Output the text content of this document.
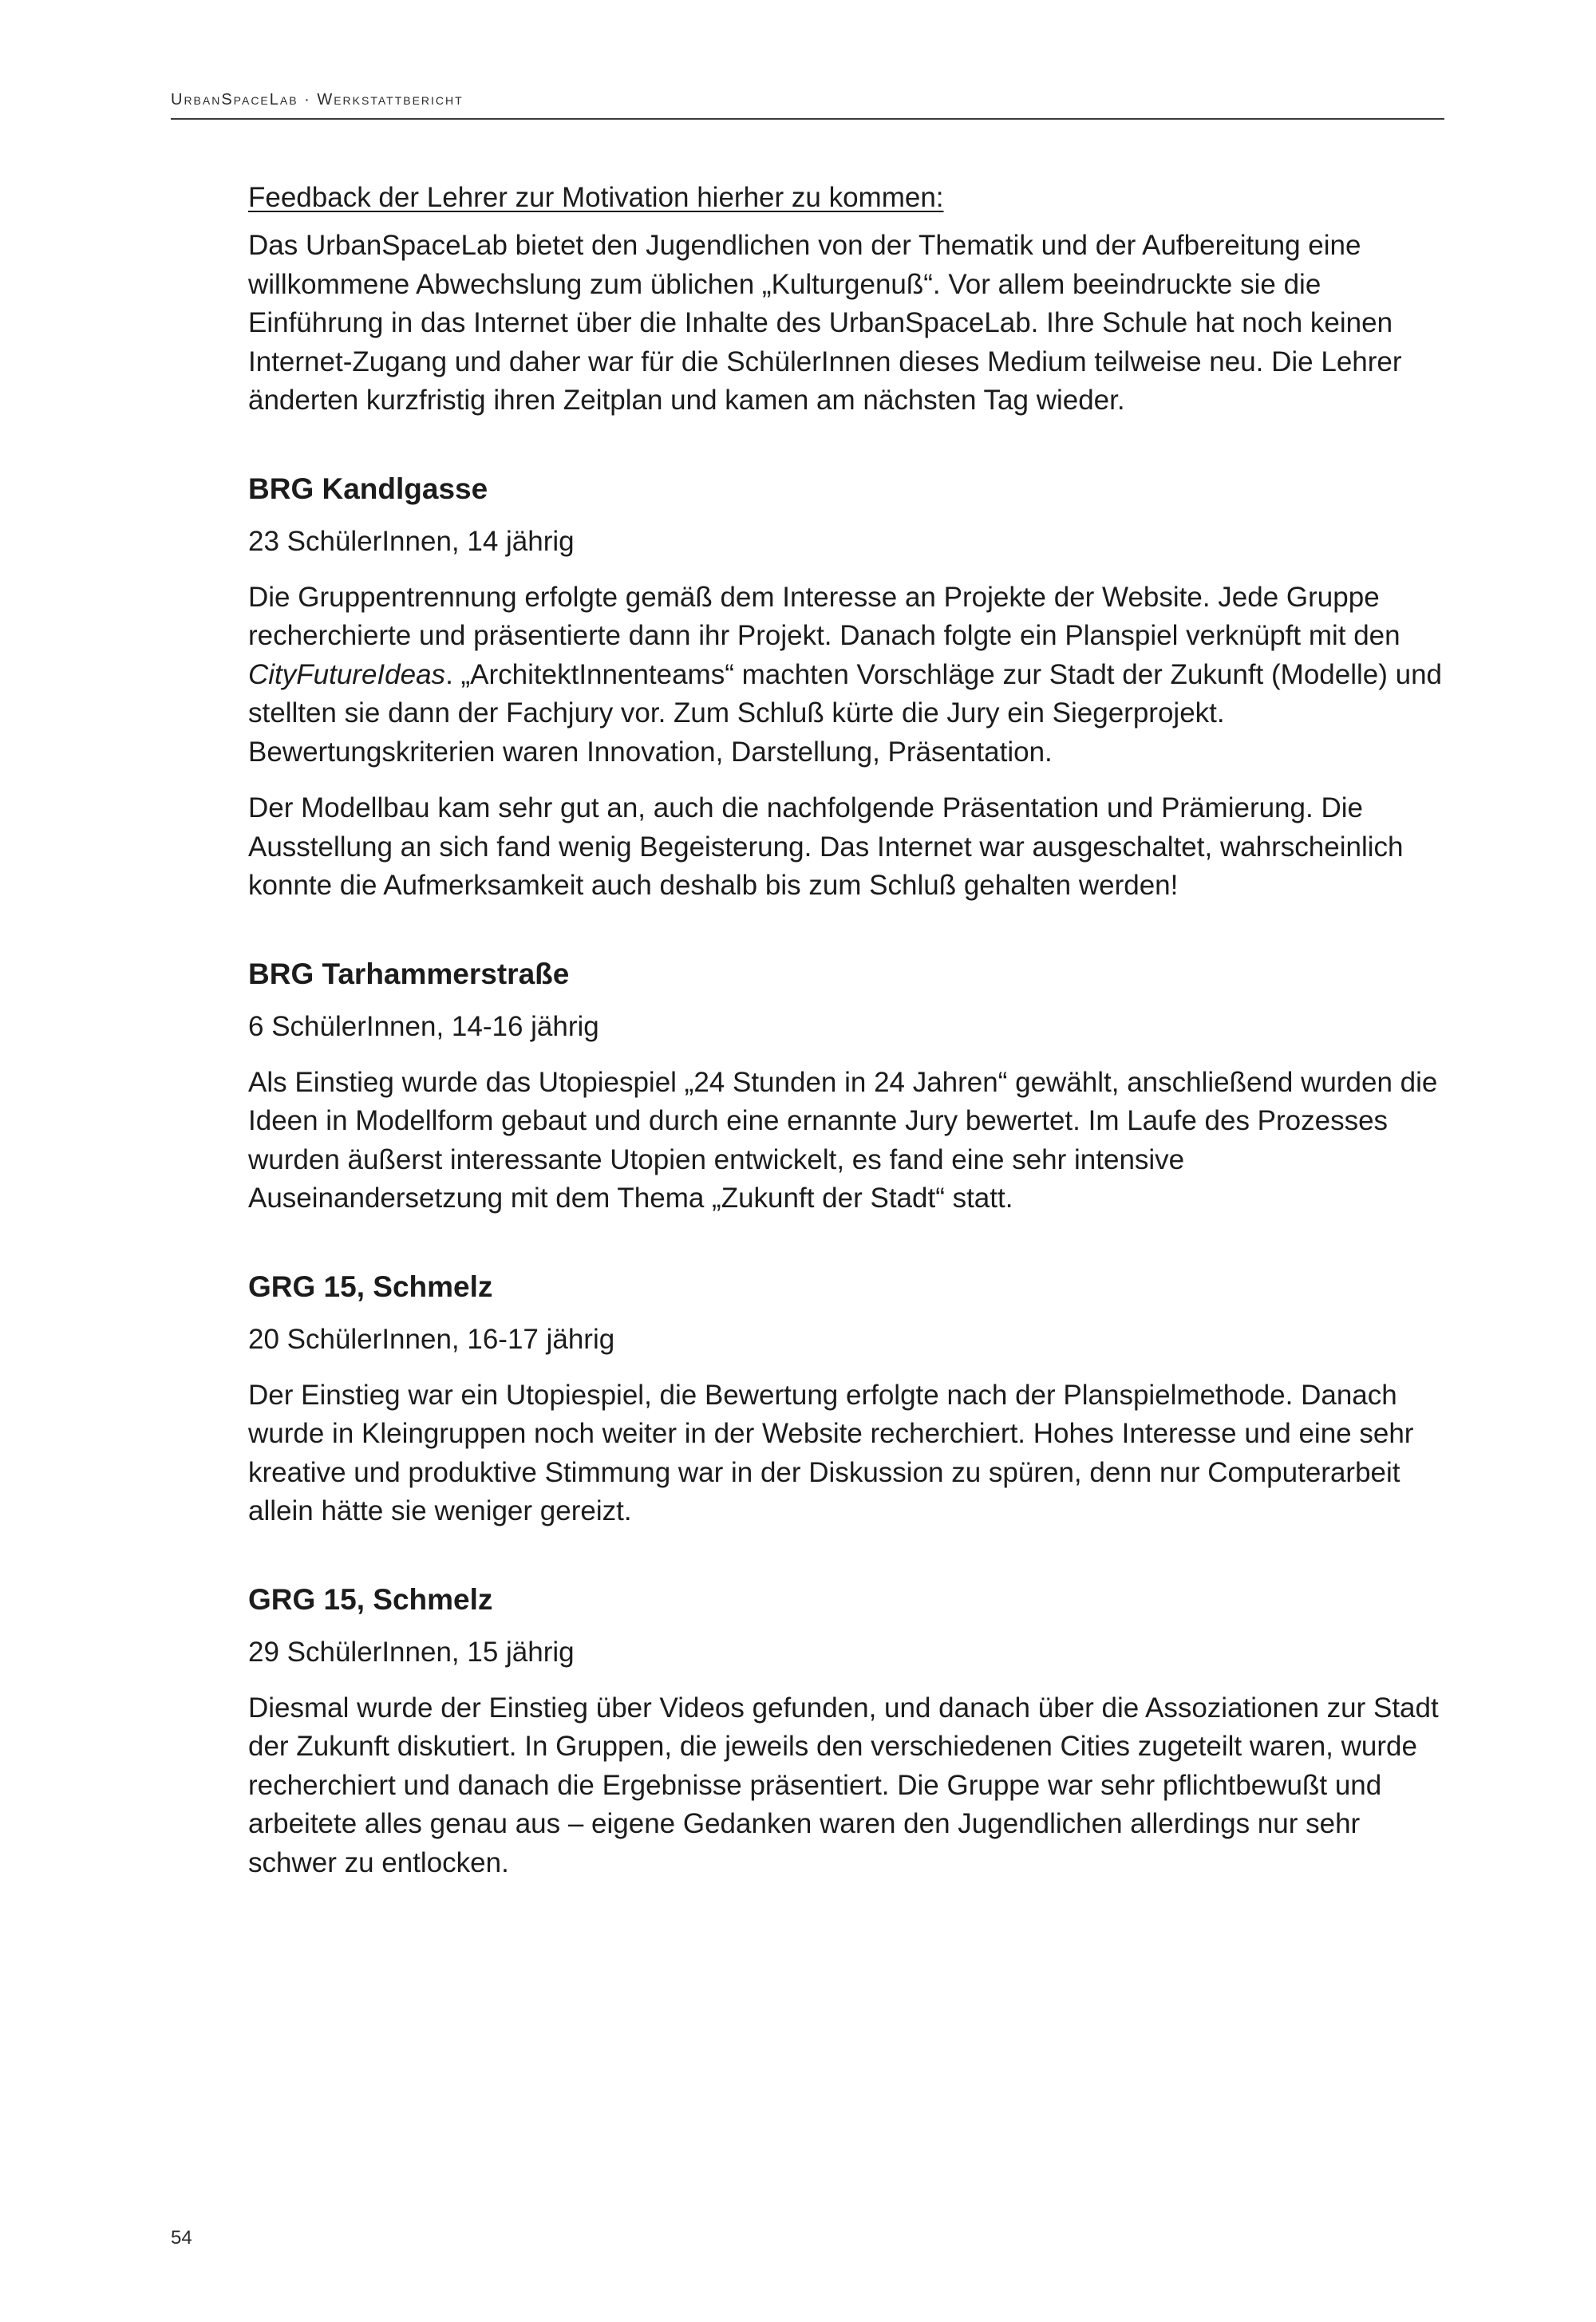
UrbanSpaceLab · Werkstattbericht
Feedback der Lehrer zur Motivation hierher zu kommen:

Das UrbanSpaceLab bietet den Jugendlichen von der Thematik und der Aufbereitung eine willkommene Abwechslung zum üblichen „Kulturgenuß“. Vor allem beeindruckte sie die Einführung in das Internet über die Inhalte des UrbanSpaceLab. Ihre Schule hat noch keinen Internet-Zugang und daher war für die SchülerInnen dieses Medium teilweise neu. Die Lehrer änderten kurzfristig ihren Zeitplan und kamen am nächsten Tag wieder.

BRG Kandlgasse
23 SchülerInnen, 14 jährig

Die Gruppentrennung erfolgte gemäß dem Interesse an Projekte der Website. Jede Gruppe recherchierte und präsentierte dann ihr Projekt. Danach folgte ein Planspiel verknüpft mit den CityFutureIdeas. „ArchitektInnenteams“ machten Vorschläge zur Stadt der Zukunft (Modelle) und stellten sie dann der Fachjury vor. Zum Schluß kürte die Jury ein Siegerprojekt. Bewertungskriterien waren Innovation, Darstellung, Präsentation.

Der Modellbau kam sehr gut an, auch die nachfolgende Präsentation und Prämierung. Die Ausstellung an sich fand wenig Begeisterung. Das Internet war ausgeschaltet, wahrscheinlich konnte die Aufmerksamkeit auch deshalb bis zum Schluß gehalten werden!

BRG Tarhammerstraße
6 SchülerInnen, 14-16 jährig

Als Einstieg wurde das Utopiespiel „24 Stunden in 24 Jahren“ gewählt, anschließend wurden die Ideen in Modellform gebaut und durch eine ernannte Jury bewertet. Im Laufe des Prozesses wurden äußerst interessante Utopien entwickelt, es fand eine sehr intensive Auseinandersetzung mit dem Thema „Zukunft der Stadt“ statt.

GRG 15, Schmelz
20 SchülerInnen, 16-17 jährig

Der Einstieg war ein Utopiespiel, die Bewertung erfolgte nach der Planspielmethode. Danach wurde in Kleingruppen noch weiter in der Website recherchiert. Hohes Interesse und eine sehr kreative und produktive Stimmung war in der Diskussion zu spüren, denn nur Computerarbeit allein hätte sie weniger gereizt.

GRG 15, Schmelz
29 SchülerInnen, 15 jährig

Diesmal wurde der Einstieg über Videos gefunden, und danach über die Assoziationen zur Stadt der Zukunft diskutiert. In Gruppen, die jeweils den verschiedenen Cities zugeteilt waren, wurde recherchiert und danach die Ergebnisse präsentiert. Die Gruppe war sehr pflichtbewußt und arbeitete alles genau aus – eigene Gedanken waren den Jugendlichen allerdings nur sehr schwer zu entlocken.

54
